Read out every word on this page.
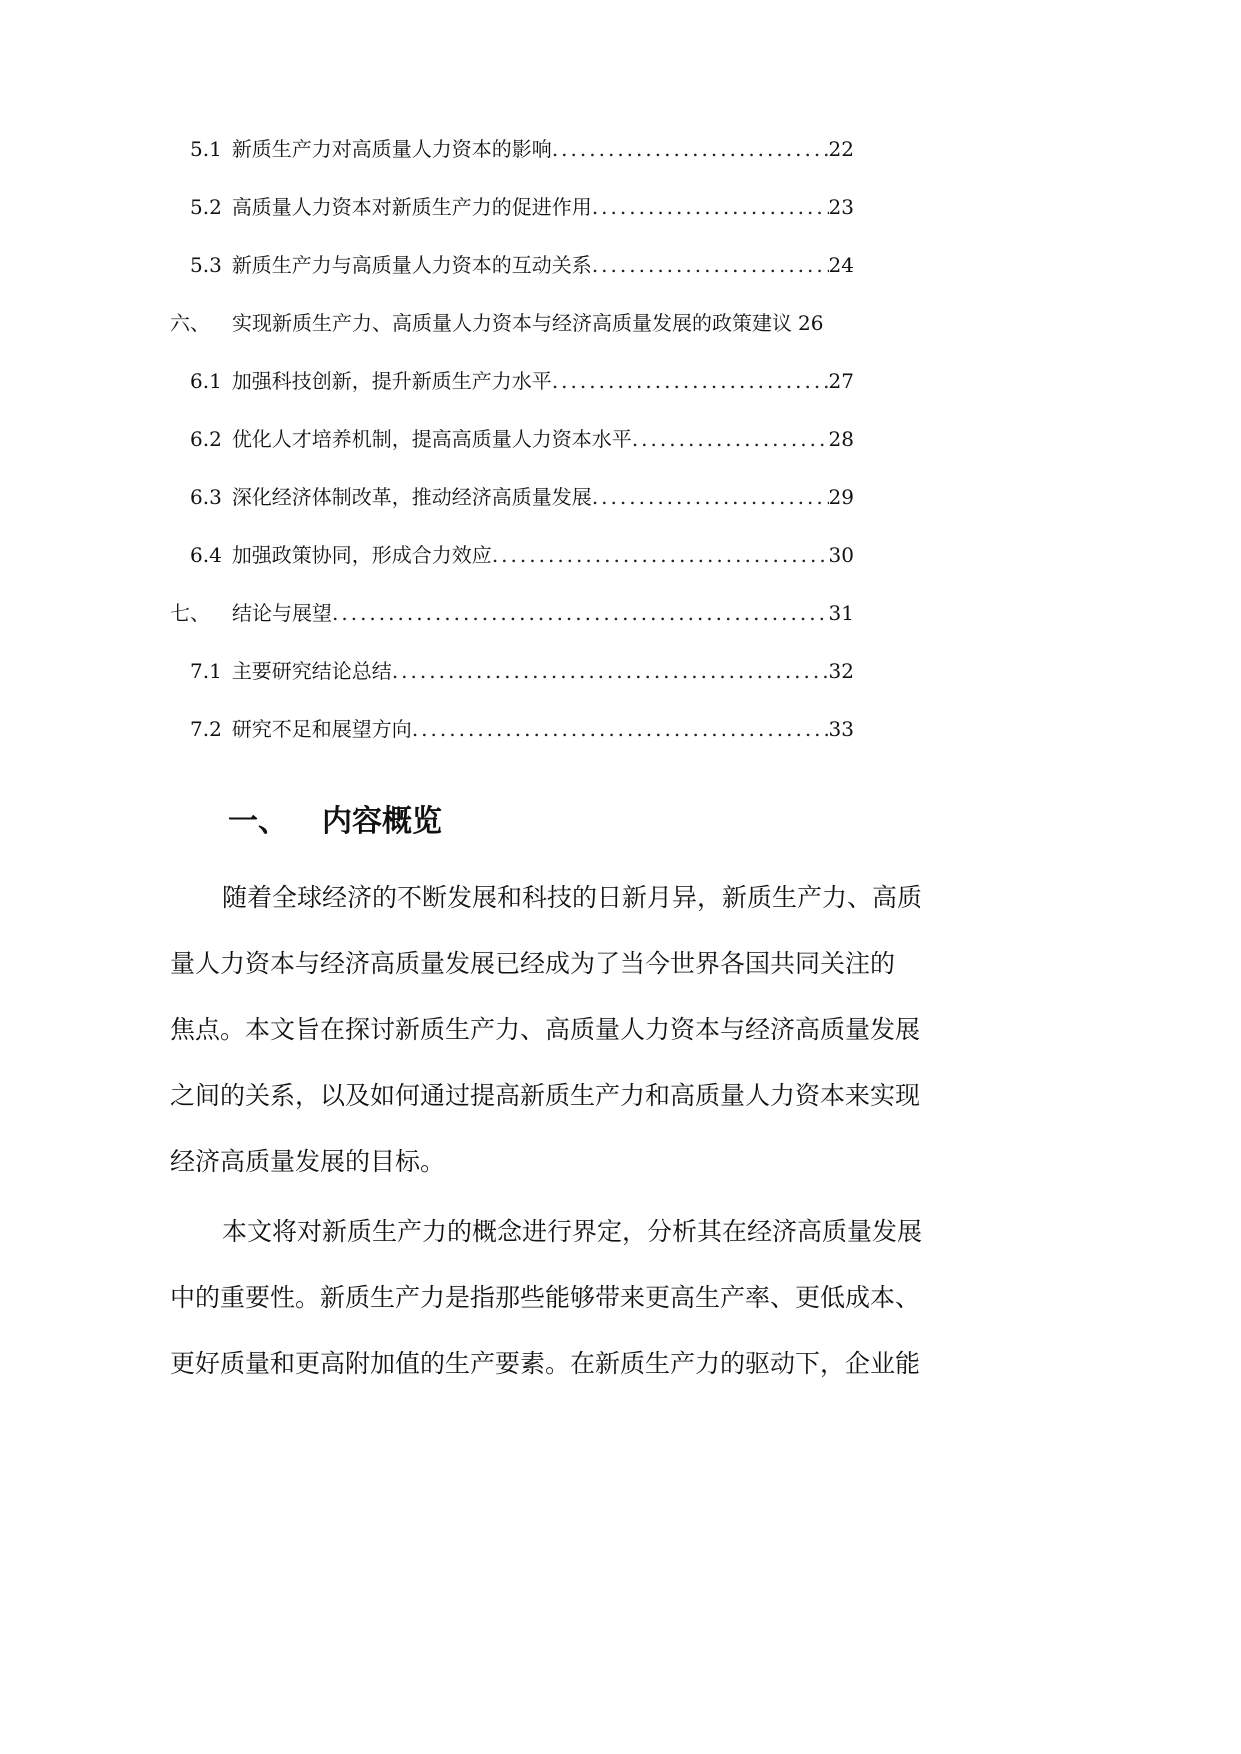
5.1 新质生产力对高质量人力资本的影响 .....	22
5.2 高质量人力资本对新质生产力的促进作用 .....	23
5.3 新质生产力与高质量人力资本的互动关系 .....	24
六、 实现新质生产力、高质量人力资本与经济高质量发展的政策建议 26
6.1 加强科技创新，提升新质生产力水平 .....	27
6.2 优化人才培养机制，提高高质量人力资本水平 .....	28
6.3 深化经济体制改革，推动经济高质量发展 .....	29
6.4 加强政策协同，形成合力效应 .....	30
七、 结论与展望 .....	31
7.1 主要研究结论总结 .....	32
7.2 研究不足和展望方向 .....	33
一、 内容概览
随着全球经济的不断发展和科技的日新月异，新质生产力、高质
量人力资本与经济高质量发展已经成为了当今世界各国共同关注的
焦点。本文旨在探讨新质生产力、高质量人力资本与经济高质量发展
之间的关系，以及如何通过提高新质生产力和高质量人力资本来实现
经济高质量发展的目标。
本文将对新质生产力的概念进行界定，分析其在经济高质量发展
中的重要性。新质生产力是指那些能够带来更高生产率、更低成本、
更好质量和更高附加值的生产要素。在新质生产力的驱动下，企业能
